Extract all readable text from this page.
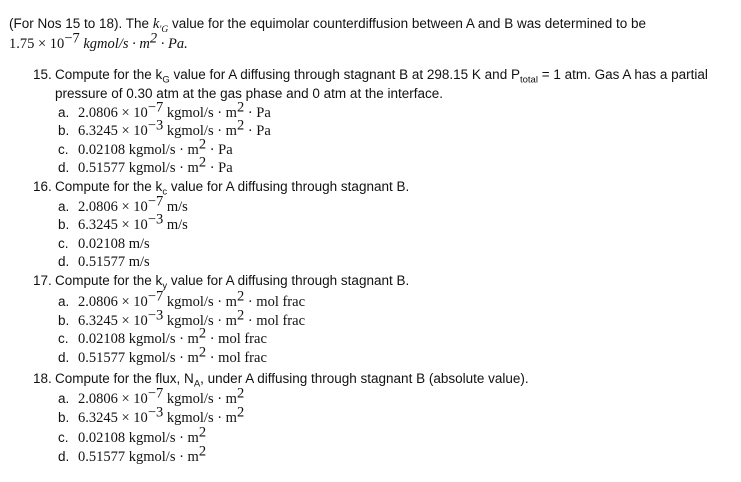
(For Nos 15 to 18). The $k_{'G}$ value for the equimolar counterdiffusion between A and B was determined to be
$1.75 \times 10^{-7}$ kgmol/s · $m^2 \cdot Pa$.
15. Compute for the $k_G$ value for A diffusing through stagnant B at 298.15 K and $P_{total} = 1$ atm. Gas A has a partial
pressure of 0.30 atm at the gas phase and 0 atm at the interface.
a. $2.0806 \times 10^{-7}$ kgmol/s · $m^2 \cdot Pa$
b. $6.3245 \times 10^{-3}$ kgmol/s · $m^2 \cdot Pa$
c. 0.02108 kgmol/s · $m^2 \cdot Pa$
d. 0.51577 kgmol/s · $m^2 \cdot Pa$
16. Compute for the $k_c$ value for A diffusing through stagnant B.
a. $2.0806 \times 10^{-7}$ m/s
b. $6.3245 \times 10^{-3}$ m/s
c. 0.02108 m/s
d. 0.51577 m/s
17. Compute for the $k_y$ value for A diffusing through stagnant B.
a. $2.0806 \times 10^{-7}$ kgmol/s · $m^2$ · mol frac
b. $6.3245 \times 10^{-3}$ kgmol/s · $m^2$ · mol frac
c. 0.02108 kgmol/s · $m^2$ · mol frac
d. 0.51577 kgmol/s · $m^2$ · mol frac
18. Compute for the flux, $N_A$, under A diffusing through stagnant B (absolute value).
a. $2.0806 \times 10^{-7}$ kgmol/s · $m^2$
b. $6.3245 \times 10^{-3}$ kgmol/s · $m^2$
c. 0.02108 kgmol/s · $m^2$
d. 0.51577 kgmol/s · $m^2$
